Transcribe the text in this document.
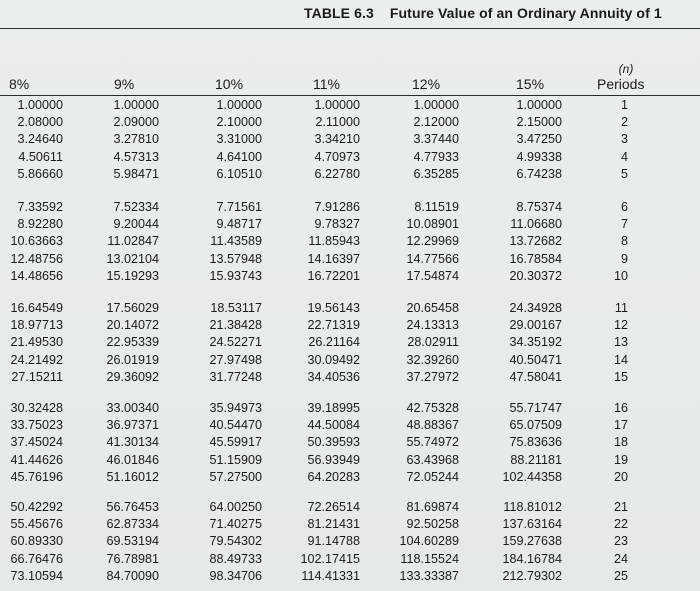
TABLE 6.3 Future Value of an Ordinary Annuity of 1
(n)
8%	9%	10%	11%	12%	15%	Periods
1.00000	1.00000	1.00000	1.00000	1.00000	1.00000	1
2.08000	2.09000	2.10000	2.11000	2.12000	2.15000	2
3.24640	3.27810	3.31000	3.34210	3.37440	3.47250	3
4.50611	4.57313	4.64100	4.70973	4.77933	4.99338	4
5.86660	5.98471	6.10510	6.22780	6.35285	6.74238	5
7.33592	7.52334	7.71561	7.91286	8.11519	8.75374	6
8.92280	9.20044	9.48717	9.78327	10.08901	11.06680	7
10.63663	11.02847	11.43589	11.85943	12.29969	13.72682	8
12.48756	13.02104	13.57948	14.16397	14.77566	16.78584	9
14.48656	15.19293	15.93743	16.72201	17.54874	20.30372	10
16.64549	17.56029	18.53117	19.56143	20.65458	24.34928	11
18.97713	20.14072	21.38428	22.71319	24.13313	29.00167	12
21.49530	22.95339	24.52271	26.21164	28.02911	34.35192	13
24.21492	26.01919	27.97498	30.09492	32.39260	40.50471	14
27.15211	29.36092	31.77248	34.40536	37.27972	47.58041	15
30.32428	33.00340	35.94973	39.18995	42.75328	55.71747	16
33.75023	36.97371	40.54470	44.50084	48.88367	65.07509	17
37.45024	41.30134	45.59917	50.39593	55.74972	75.83636	18
41.44626	46.01846	51.15909	56.93949	63.43968	88.21181	19
45.76196	51.16012	57.27500	64.20283	72.05244	102.44358	20
50.42292	56.76453	64.00250	72.26514	81.69874	118.81012	21
55.45676	62.87334	71.40275	81.21431	92.50258	137.63164	22
60.89330	69.53194	79.54302	91.14788	104.60289	159.27638	23
66.76476	76.78981	88.49733	102.17415	118.15524	184.16784	24
73.10594	84.70090	98.34706	114.41331	133.33387	212.79302	25
